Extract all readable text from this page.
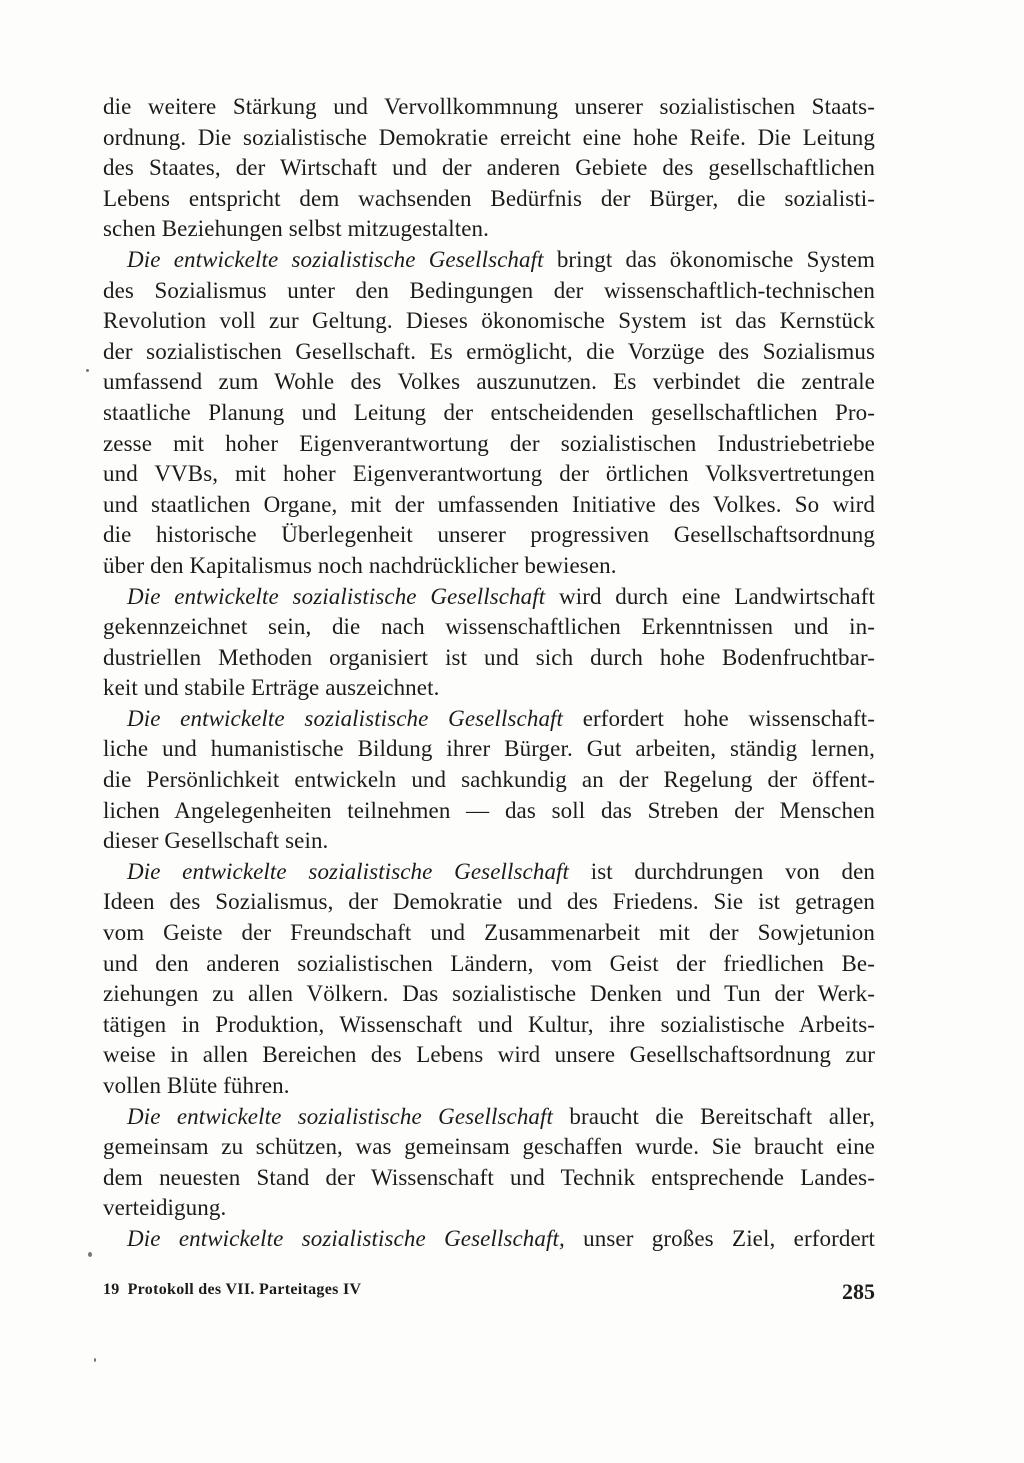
die weitere Stärkung und Vervollkommnung unserer sozialistischen Staats-

ordnung. Die sozialistische Demokratie erreicht eine hohe Reife. Die Leitung

des Staates, der Wirtschaft und der anderen Gebiete des gesellschaftlichen

Lebens entspricht dem wachsenden Bedürfnis der Bürger, die sozialisti-

schen Beziehungen selbst mitzugestalten.

Die entwickelte sozialistische Gesellschaft bringt das ökonomische System

des Sozialismus unter den Bedingungen der wissenschaftlich-technischen

Revolution voll zur Geltung. Dieses ökonomische System ist das Kernstück

der sozialistischen Gesellschaft. Es ermöglicht, die Vorzüge des Sozialismus

umfassend zum Wohle des Volkes auszunutzen. Es verbindet die zentrale

staatliche Planung und Leitung der entscheidenden gesellschaftlichen Pro-

zesse mit hoher Eigenverantwortung der sozialistischen Industriebetriebe

und VVBs, mit hoher Eigenverantwortung der örtlichen Volksvertretungen

und staatlichen Organe, mit der umfassenden Initiative des Volkes. So wird

die historische Überlegenheit unserer progressiven Gesellschaftsordnung

über den Kapitalismus noch nachdrücklicher bewiesen.

Die entwickelte sozialistische Gesellschaft wird durch eine Landwirtschaft

gekennzeichnet sein, die nach wissenschaftlichen Erkenntnissen und in-

dustriellen Methoden organisiert ist und sich durch hohe Bodenfruchtbar-

keit und stabile Erträge auszeichnet.

Die entwickelte sozialistische Gesellschaft erfordert hohe wissenschaft-

liche und humanistische Bildung ihrer Bürger. Gut arbeiten, ständig lernen,

die Persönlichkeit entwickeln und sachkundig an der Regelung der öffent-

lichen Angelegenheiten teilnehmen — das soll das Streben der Menschen

dieser Gesellschaft sein.

Die entwickelte sozialistische Gesellschaft ist durchdrungen von den

Ideen des Sozialismus, der Demokratie und des Friedens. Sie ist getragen

vom Geiste der Freundschaft und Zusammenarbeit mit der Sowjetunion

und den anderen sozialistischen Ländern, vom Geist der friedlichen Be-

ziehungen zu allen Völkern. Das sozialistische Denken und Tun der Werk-

tätigen in Produktion, Wissenschaft und Kultur, ihre sozialistische Arbeits-

weise in allen Bereichen des Lebens wird unsere Gesellschaftsordnung zur

vollen Blüte führen.

Die entwickelte sozialistische Gesellschaft braucht die Bereitschaft aller,

gemeinsam zu schützen, was gemeinsam geschaffen wurde. Sie braucht eine

dem neuesten Stand der Wissenschaft und Technik entsprechende Landes-

verteidigung.

Die entwickelte sozialistische Gesellschaft, unser großes Ziel, erfordert

19 Protokoll des VII. Parteitages IV	285
